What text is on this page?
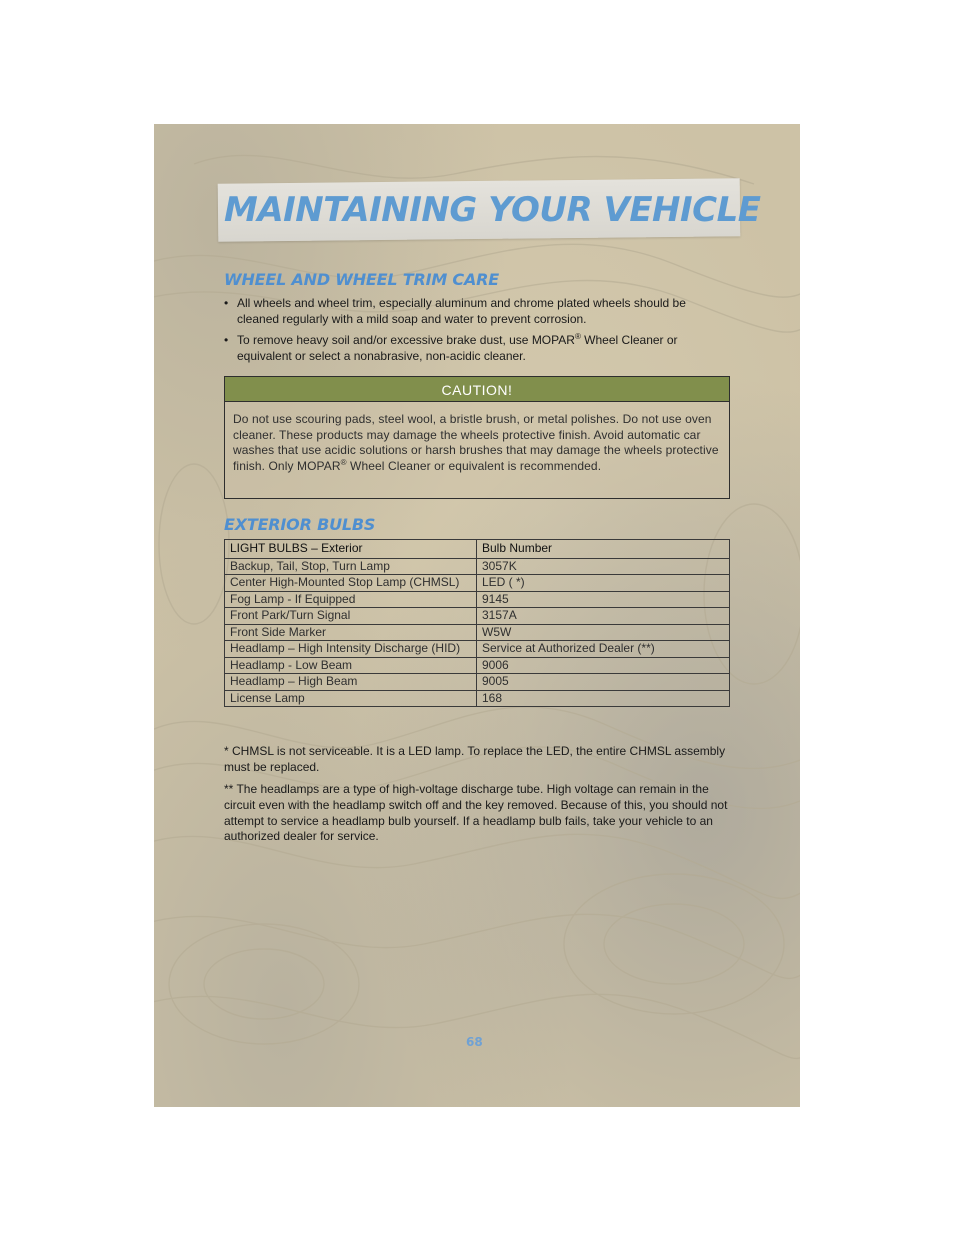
MAINTAINING YOUR VEHICLE
WHEEL AND WHEEL TRIM CARE
• All wheels and wheel trim, especially aluminum and chrome plated wheels should be cleaned regularly with a mild soap and water to prevent corrosion.
• To remove heavy soil and/or excessive brake dust, use MOPAR® Wheel Cleaner or equivalent or select a nonabrasive, non-acidic cleaner.
CAUTION!
Do not use scouring pads, steel wool, a bristle brush, or metal polishes. Do not use oven cleaner. These products may damage the wheels protective finish. Avoid automatic car washes that use acidic solutions or harsh brushes that may damage the wheels protective finish. Only MOPAR® Wheel Cleaner or equivalent is recommended.
EXTERIOR BULBS
LIGHT BULBS – Exterior	Bulb Number
Backup, Tail, Stop, Turn Lamp	3057K
Center High-Mounted Stop Lamp (CHMSL)	LED ( *)
Fog Lamp - If Equipped	9145
Front Park/Turn Signal	3157A
Front Side Marker	W5W
Headlamp – High Intensity Discharge (HID)	Service at Authorized Dealer (**)
Headlamp - Low Beam	9006
Headlamp – High Beam	9005
License Lamp	168

* CHMSL is not serviceable. It is a LED lamp. To replace the LED, the entire CHMSL assembly must be replaced.

** The headlamps are a type of high-voltage discharge tube. High voltage can remain in the circuit even with the headlamp switch off and the key removed. Because of this, you should not attempt to service a headlamp bulb yourself. If a headlamp bulb fails, take your vehicle to an authorized dealer for service.

68
